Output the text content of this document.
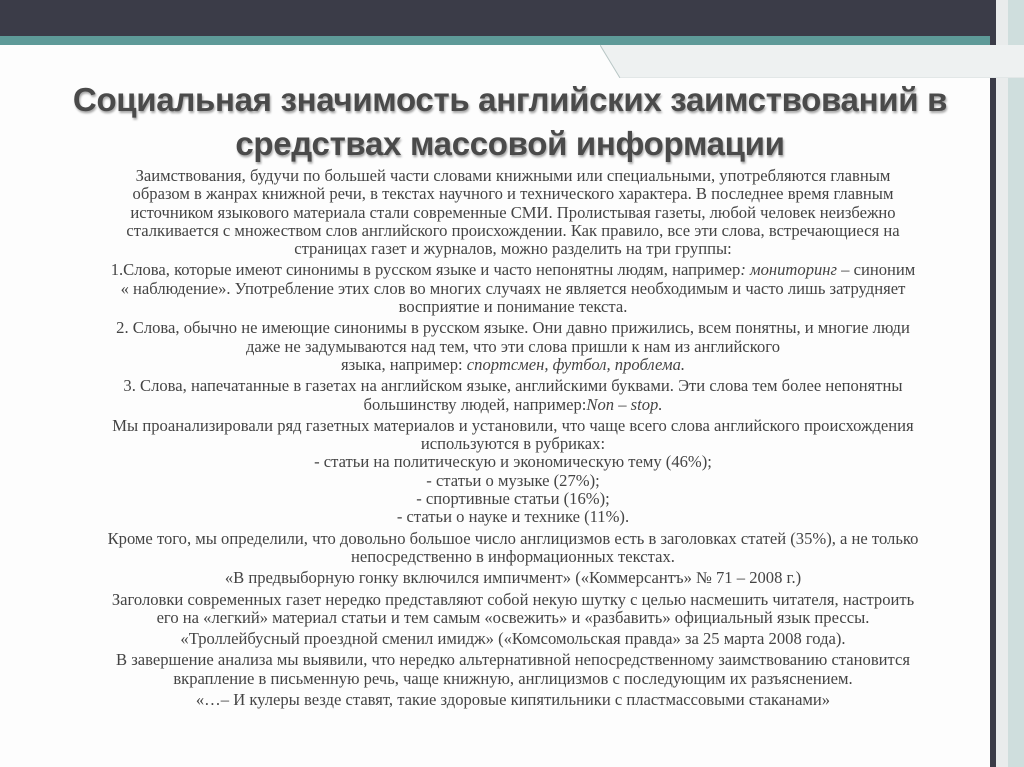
Социальная значимость английских заимствований в
средствах массовой информации

Заимствования, будучи по большей части словами книжными или специальными, употребляются главным
образом в жанрах книжной речи, в текстах научного и технического характера. В последнее время главным
источником языкового материала стали современные СМИ. Пролистывая газеты, любой человек неизбежно
сталкивается с множеством слов английского происхождении. Как правило, все эти слова, встречающиеся на
страницах газет и журналов, можно разделить на три группы:

1.Слова, которые имеют синонимы в русском языке и часто непонятны людям, например: мониторинг – синоним
« наблюдение». Употребление этих слов во многих случаях не является необходимым и часто лишь затрудняет
восприятие и понимание текста.

2. Слова, обычно не имеющие синонимы в русском языке. Они давно прижились, всем понятны, и многие люди
даже не задумываются над тем, что эти слова пришли к нам из английского
языка, например: спортсмен, футбол, проблема.

3. Слова, напечатанные в газетах на английском языке, английскими буквами. Эти слова тем более непонятны
большинству людей, например:Non – stop.

Мы проанализировали ряд газетных материалов и установили, что чаще всего слова английского происхождения
используются в рубриках:
- статьи на политическую и экономическую тему (46%);
- статьи о музыке (27%);
- спортивные статьи (16%);
- статьи о науке и технике (11%).

Кроме того, мы определили, что довольно большое число англицизмов есть в заголовках статей (35%), а не только
непосредственно в информационных текстах.

«В предвыборную гонку включился импичмент» («Коммерсантъ» № 71 – 2008 г.)

Заголовки современных газет нередко представляют собой некую шутку с целью насмешить читателя, настроить
его на «легкий» материал статьи и тем самым «освежить» и «разбавить» официальный язык прессы.

«Троллейбусный проездной сменил имидж» («Комсомольская правда» за 25 марта 2008 года).

В завершение анализа мы выявили, что нередко альтернативной непосредственному заимствованию становится
вкрапление в письменную речь, чаще книжную, англицизмов с последующим их разъяснением.

«…– И кулеры везде ставят, такие здоровые кипятильники с пластмассовыми стаканами»
